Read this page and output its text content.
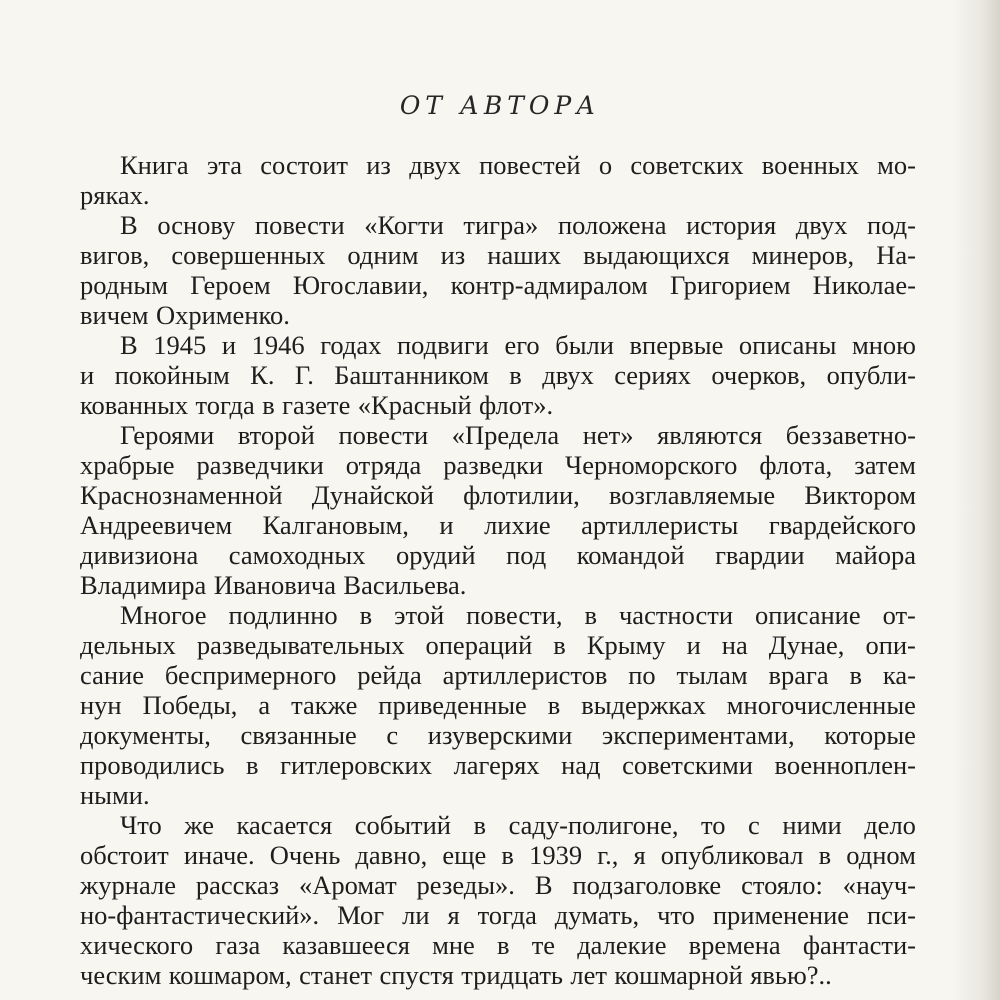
ОТ АВТОРА
Книга эта состоит из двух повестей о советских военных мо-
ряках.
В основу повести «Когти тигра» положена история двух под-
вигов, совершенных одним из наших выдающихся минеров, На-
родным Героем Югославии, контр-адмиралом Григорием Николае-
вичем Охрименко.
В 1945 и 1946 годах подвиги его были впервые описаны мною
и покойным К. Г. Баштанником в двух сериях очерков, опубли-
кованных тогда в газете «Красный флот».
Героями второй повести «Предела нет» являются беззаветно-
храбрые разведчики отряда разведки Черноморского флота, затем
Краснознаменной Дунайской флотилии, возглавляемые Виктором
Андреевичем Калгановым, и лихие артиллеристы гвардейского
дивизиона самоходных орудий под командой гвардии майора
Владимира Ивановича Васильева.
Многое подлинно в этой повести, в частности описание от-
дельных разведывательных операций в Крыму и на Дунае, опи-
сание беспримерного рейда артиллеристов по тылам врага в ка-
нун Победы, а также приведенные в выдержках многочисленные
документы, связанные с изуверскими экспериментами, которые
проводились в гитлеровских лагерях над советскими военноплен-
ными.
Что же касается событий в саду-полигоне, то с ними дело
обстоит иначе. Очень давно, еще в 1939 г., я опубликовал в одном
журнале рассказ «Аромат резеды». В подзаголовке стояло: «науч-
но-фантастический». Мог ли я тогда думать, что применение пси-
хического газа казавшееся мне в те далекие времена фантасти-
ческим кошмаром, станет спустя тридцать лет кошмарной явью?..
